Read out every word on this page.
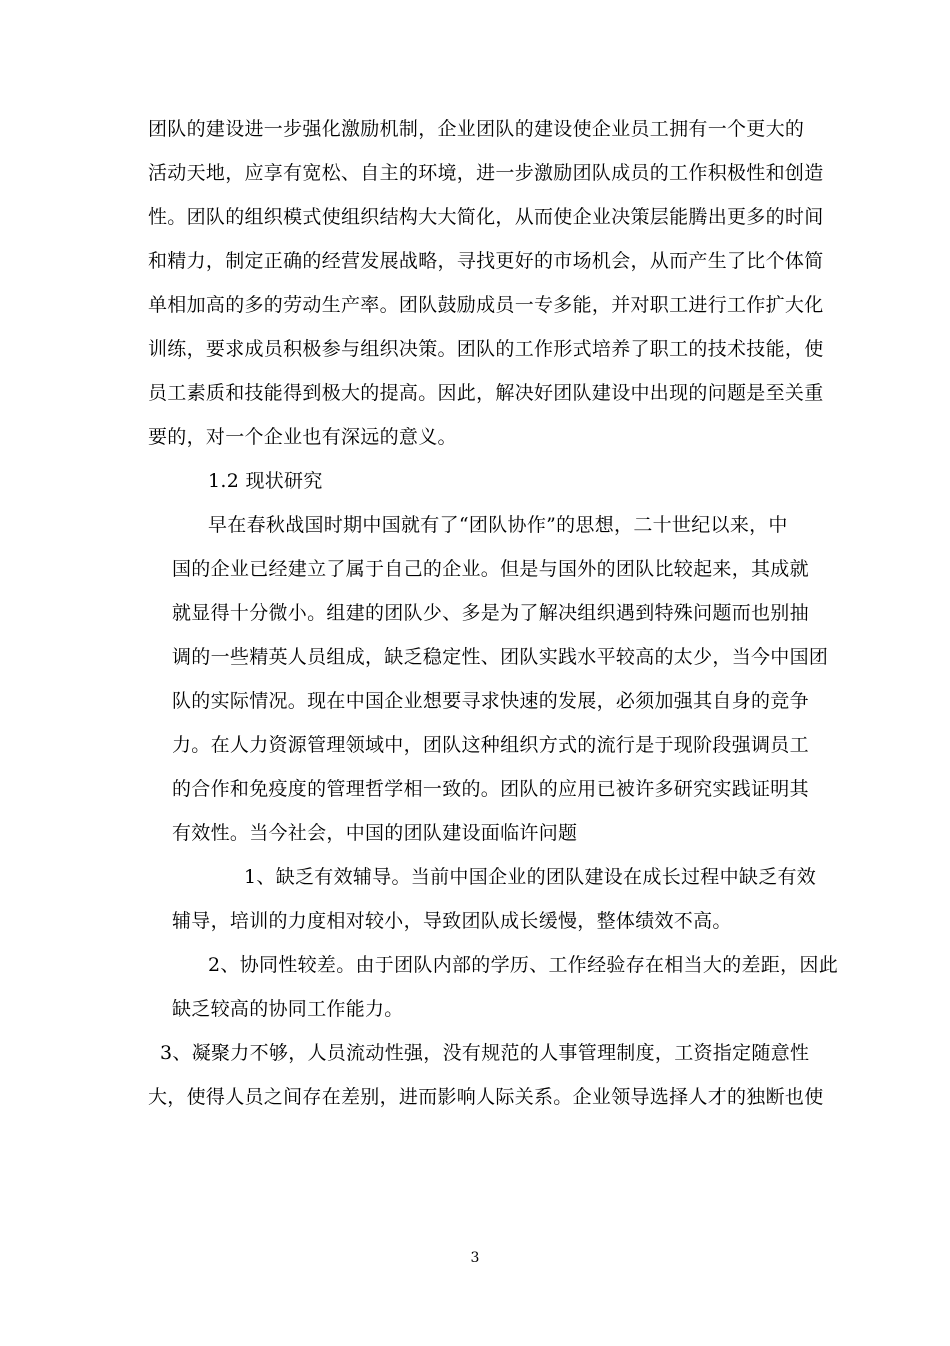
团队的建设进一步强化激励机制，企业团队的建设使企业员工拥有一个更大的
活动天地，应享有宽松、自主的环境，进一步激励团队成员的工作积极性和创造
性。团队的组织模式使组织结构大大简化，从而使企业决策层能腾出更多的时间
和精力，制定正确的经营发展战略，寻找更好的市场机会，从而产生了比个体简
单相加高的多的劳动生产率。团队鼓励成员一专多能，并对职工进行工作扩大化
训练，要求成员积极参与组织决策。团队的工作形式培养了职工的技术技能，使
员工素质和技能得到极大的提高。因此，解决好团队建设中出现的问题是至关重
要的，对一个企业也有深远的意义。
1.2 现状研究
早在春秋战国时期中国就有了“团队协作”的思想，二十世纪以来，中
国的企业已经建立了属于自己的企业。但是与国外的团队比较起来，其成就
就显得十分微小。组建的团队少、多是为了解决组织遇到特殊问题而也别抽
调的一些精英人员组成，缺乏稳定性、团队实践水平较高的太少，当今中国团
队的实际情况。现在中国企业想要寻求快速的发展，必须加强其自身的竞争
力。在人力资源管理领域中，团队这种组织方式的流行是于现阶段强调员工
的合作和免疫度的管理哲学相一致的。团队的应用已被许多研究实践证明其
有效性。当今社会，中国的团队建设面临许问题
1、缺乏有效辅导。当前中国企业的团队建设在成长过程中缺乏有效
辅导，培训的力度相对较小，导致团队成长缓慢，整体绩效不高。
2、协同性较差。由于团队内部的学历、工作经验存在相当大的差距，因此
缺乏较高的协同工作能力。
3、凝聚力不够，人员流动性强，没有规范的人事管理制度，工资指定随意性
大，使得人员之间存在差别，进而影响人际关系。企业领导选择人才的独断也使
3
